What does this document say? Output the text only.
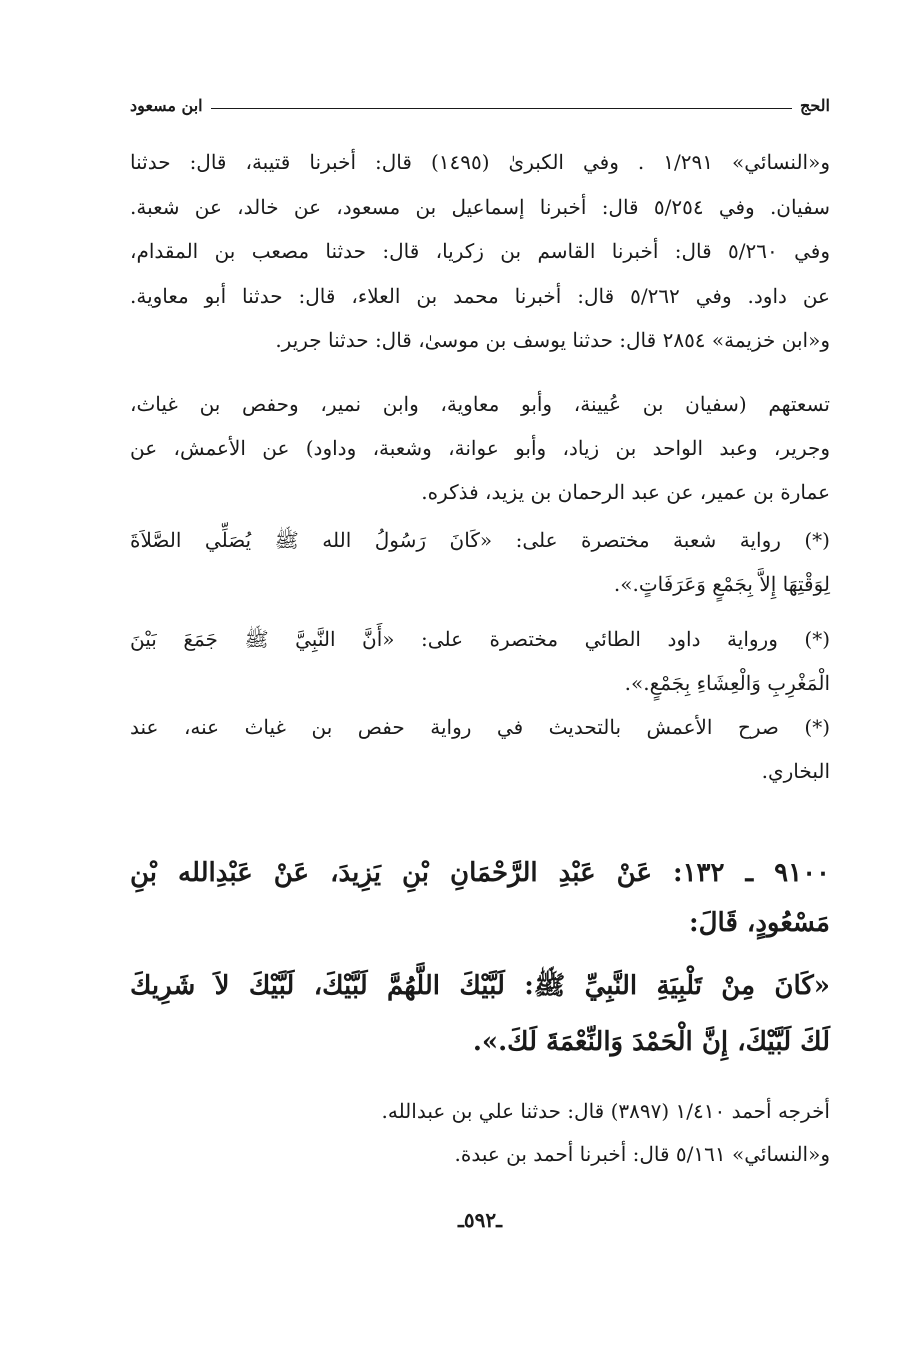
الحج
ابن مسعود
و«النسائي» ١/٢٩١ . وفي الكبرىٰ (١٤٩٥) قال: أخبرنا قتيبة، قال: حدثنا
سفيان. وفي ٥/٢٥٤ قال: أخبرنا إسماعيل بن مسعود، عن خالد، عن شعبة.
وفي ٥/٢٦٠ قال: أخبرنا القاسم بن زكريا، قال: حدثنا مصعب بن المقدام،
عن داود. وفي ٥/٢٦٢ قال: أخبرنا محمد بن العلاء، قال: حدثنا أبو معاوية.
و«ابن خزيمة» ٢٨٥٤ قال: حدثنا يوسف بن موسىٰ، قال: حدثنا جرير.
تسعتهم (سفيان بن عُيينة، وأبو معاوية، وابن نمير، وحفص بن غياث،
وجرير، وعبد الواحد بن زياد، وأبو عوانة، وشعبة، وداود) عن الأعمش، عن
عمارة بن عمير، عن عبد الرحمان بن يزيد، فذكره.
(*) رواية شعبة مختصرة على: «كَانَ رَسُولُ الله ﷺ يُصَلِّي الصَّلاَةَ
لِوَقْتِهَا إِلاَّ بِجَمْعٍ وَعَرَفَاتٍ.».
(*) ورواية داود الطائي مختصرة على: «أَنَّ النَّبِيَّ ﷺ جَمَعَ بَيْنَ
الْمَغْرِبِ وَالْعِشَاءِ بِجَمْعٍ.».
(*) صرح الأعمش بالتحديث في رواية حفص بن غياث عنه، عند
البخاري.
٩١٠٠ ـ ١٣٢: عَنْ عَبْدِ الرَّحْمَانِ بْنِ يَزِيدَ، عَنْ عَبْدِالله بْنِ
مَسْعُودٍ، قَالَ:
«كَانَ مِنْ تَلْبِيَةِ النَّبِيِّ ﷺ: لَبَّيْكَ اللَّهُمَّ لَبَّيْكَ، لَبَّيْكَ لاَ شَرِيكَ
لَكَ لَبَّيْكَ، إِنَّ الْحَمْدَ وَالنِّعْمَةَ لَكَ.».
أخرجه أحمد ١/٤١٠ (٣٨٩٧) قال: حدثنا علي بن عبدالله.
و«النسائي» ٥/١٦١ قال: أخبرنا أحمد بن عبدة.
ـ٥٩٢ـ
